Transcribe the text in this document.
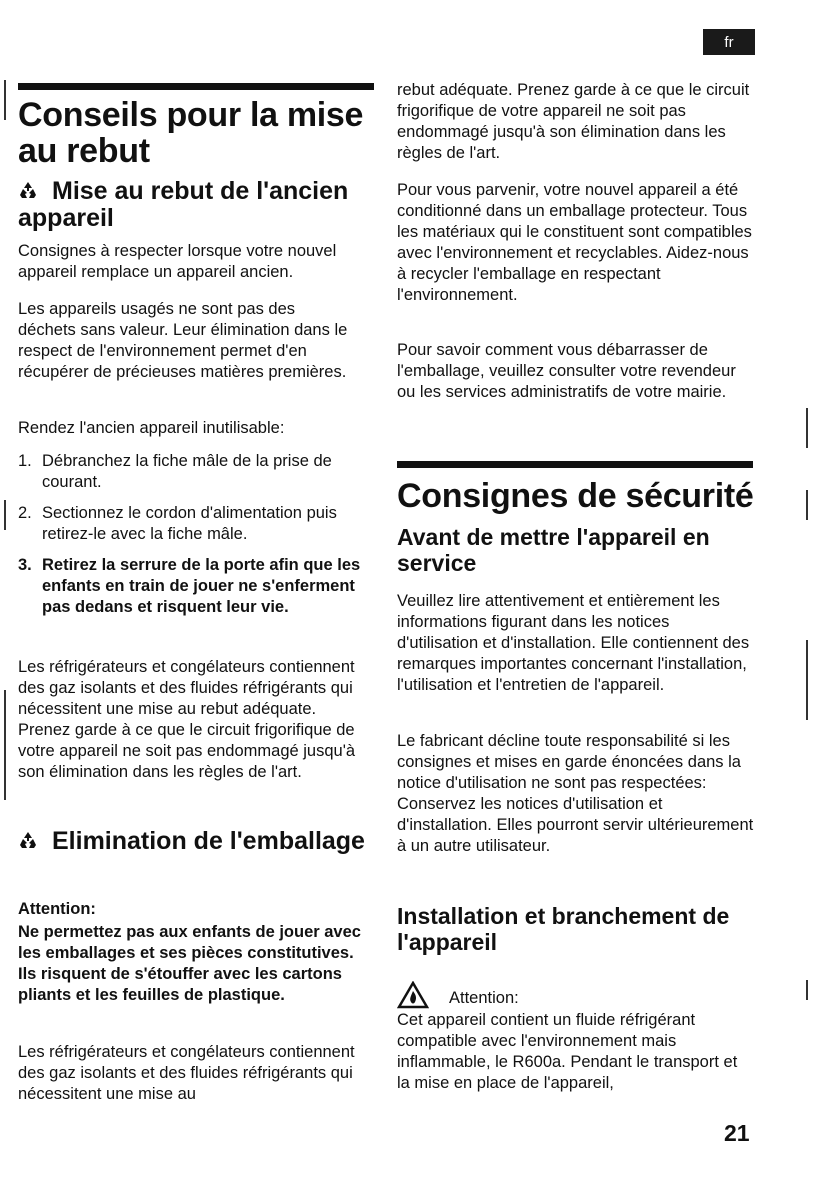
fr
Conseils pour la mise au rebut
Mise au rebut de l'ancien appareil

Consignes à respecter lorsque votre nouvel appareil remplace un appareil ancien.

Les appareils usagés ne sont pas des déchets sans valeur. Leur élimination dans le respect de l'environnement permet d'en récupérer de précieuses matières premières.

Rendez l'ancien appareil inutilisable:

1. Débranchez la fiche mâle de la prise de courant.
2. Sectionnez le cordon d'alimentation puis retirez-le avec la fiche mâle.
3. Retirez la serrure de la porte afin que les enfants en train de jouer ne s'enferment pas dedans et risquent leur vie.

Les réfrigérateurs et congélateurs contiennent des gaz isolants et des fluides réfrigérants qui nécessitent une mise au rebut adéquate. Prenez garde à ce que le circuit frigorifique de votre appareil ne soit pas endommagé jusqu'à son élimination dans les règles de l'art.

Elimination de l'emballage

Attention:

Ne permettez pas aux enfants de jouer avec les emballages et ses pièces constitutives. Ils risquent de s'étouffer avec les cartons pliants et les feuilles de plastique.

Les réfrigérateurs et congélateurs contiennent des gaz isolants et des fluides réfrigérants qui nécessitent une mise au

rebut adéquate. Prenez garde à ce que le circuit frigorifique de votre appareil ne soit pas endommagé jusqu'à son élimination dans les règles de l'art.

Pour vous parvenir, votre nouvel appareil a été conditionné dans un emballage protecteur. Tous les matériaux qui le constituent sont compatibles avec l'environnement et recyclables. Aidez-nous à recycler l'emballage en respectant l'environnement.

Pour savoir comment vous débarrasser de l'emballage, veuillez consulter votre revendeur ou les services administratifs de votre mairie.

Consignes de sécurité
Avant de mettre l'appareil en service

Veuillez lire attentivement et entièrement les informations figurant dans les notices d'utilisation et d'installation. Elle contiennent des remarques importantes concernant l'installation, l'utilisation et l'entretien de l'appareil.

Le fabricant décline toute responsabilité si les consignes et mises en garde énoncées dans la notice d'utilisation ne sont pas respectées: Conservez les notices d'utilisation et d'installation. Elles pourront servir ultérieurement à un autre utilisateur.

Installation et branchement de l'appareil

Attention:

Cet appareil contient un fluide réfrigérant compatible avec l'environnement mais inflammable, le R600a. Pendant le transport et la mise en place de l'appareil,

21
